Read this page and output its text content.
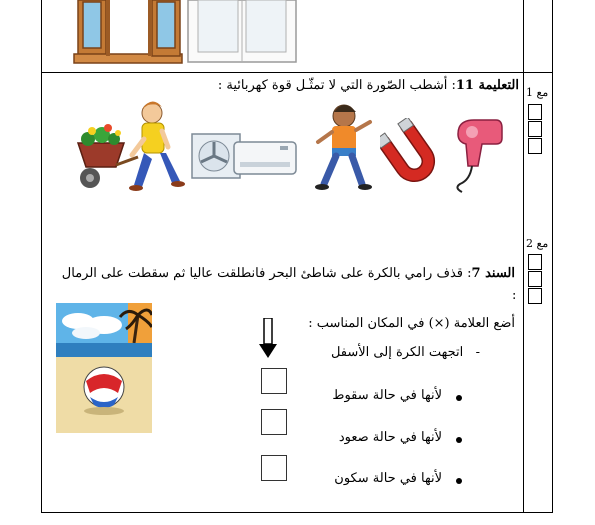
التعليمة 11: أشطب الصّورة التي لا تمثّـل قوة كهربائية :	مع 1
مع 2
السند 7: قذف رامي بالكرة على شاطئ البحر فانطلقت عاليا ثم سقطت على الرمال
:
أضع العلامة (×) في المكان المناسب :
-   اتجهت الكرة إلى الأسفل
لأنها في حالة سقوط
لأنها في حالة صعود
لأنها في حالة سكون
